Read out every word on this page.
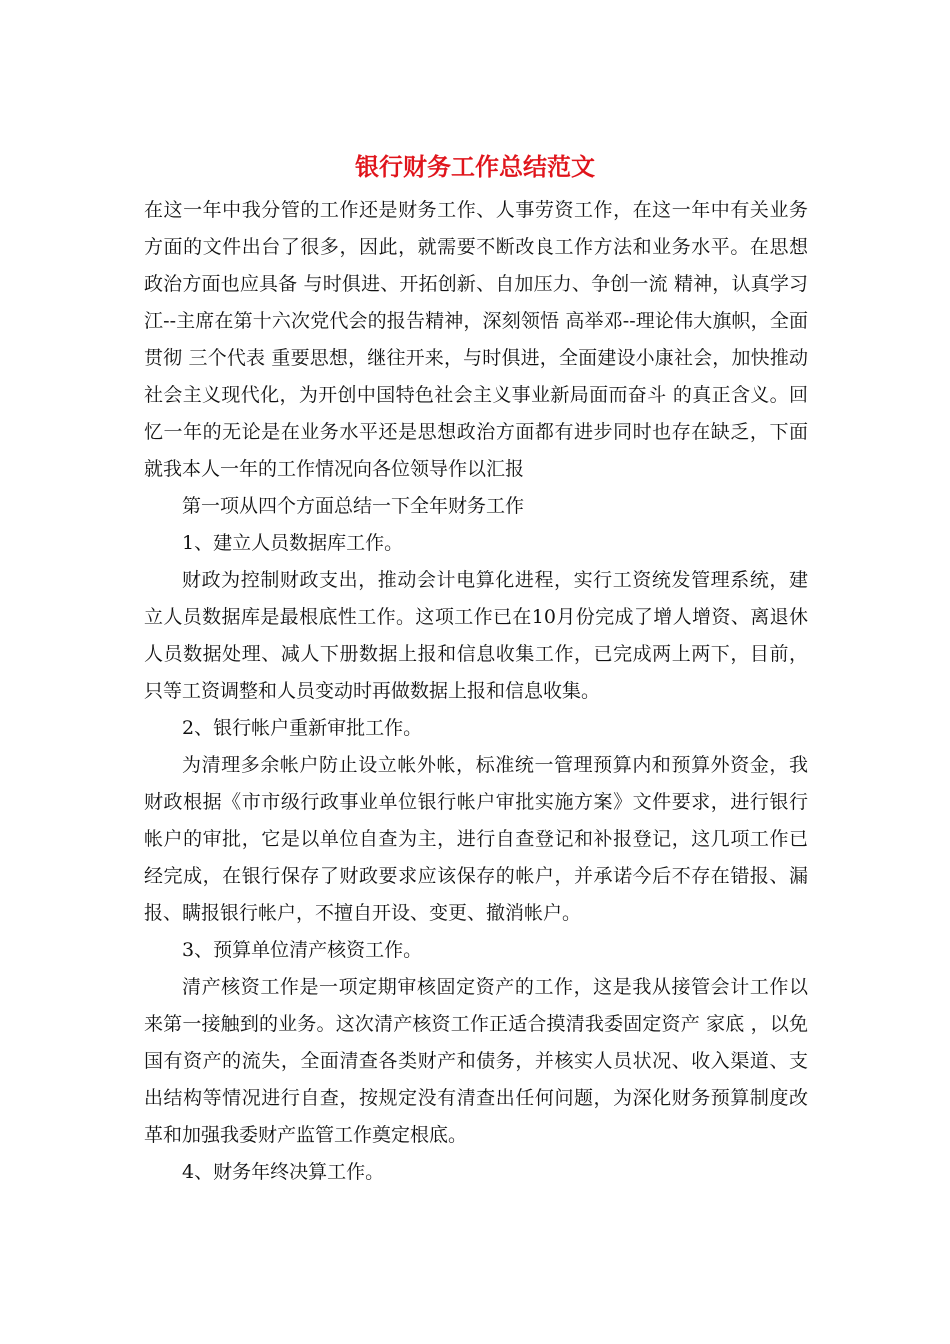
银行财务工作总结范文

在这一年中我分管的工作还是财务工作、人事劳资工作，在这一年中有关业务方面的文件出台了很多，因此，就需要不断改良工作方法和业务水平。在思想政治方面也应具备 与时俱进、开拓创新、自加压力、争创一流 精神，认真学习江--主席在第十六次党代会的报告精神，深刻领悟 高举邓--理论伟大旗帜，全面贯彻 三个代表 重要思想，继往开来，与时俱进，全面建设小康社会，加快推动社会主义现代化，为开创中国特色社会主义事业新局面而奋斗 的真正含义。回忆一年的无论是在业务水平还是思想政治方面都有进步同时也存在缺乏，下面就我本人一年的工作情况向各位领导作以汇报

第一项从四个方面总结一下全年财务工作

1、建立人员数据库工作。

财政为控制财政支出，推动会计电算化进程，实行工资统发管理系统，建立人员数据库是最根底性工作。这项工作已在10月份完成了增人增资、离退休人员数据处理、减人下册数据上报和信息收集工作，已完成两上两下，目前，只等工资调整和人员变动时再做数据上报和信息收集。

2、银行帐户重新审批工作。

为清理多余帐户防止设立帐外帐，标准统一管理预算内和预算外资金，我财政根据《市市级行政事业单位银行帐户审批实施方案》文件要求，进行银行帐户的审批，它是以单位自查为主，进行自查登记和补报登记，这几项工作已经完成，在银行保存了财政要求应该保存的帐户，并承诺今后不存在错报、漏报、瞒报银行帐户，不擅自开设、变更、撤消帐户。

3、预算单位清产核资工作。

清产核资工作是一项定期审核固定资产的工作，这是我从接管会计工作以来第一接触到的业务。这次清产核资工作正适合摸清我委固定资产 家底 ，以免国有资产的流失，全面清查各类财产和债务，并核实人员状况、收入渠道、支出结构等情况进行自查，按规定没有清查出任何问题，为深化财务预算制度改革和加强我委财产监管工作奠定根底。

4、财务年终决算工作。
